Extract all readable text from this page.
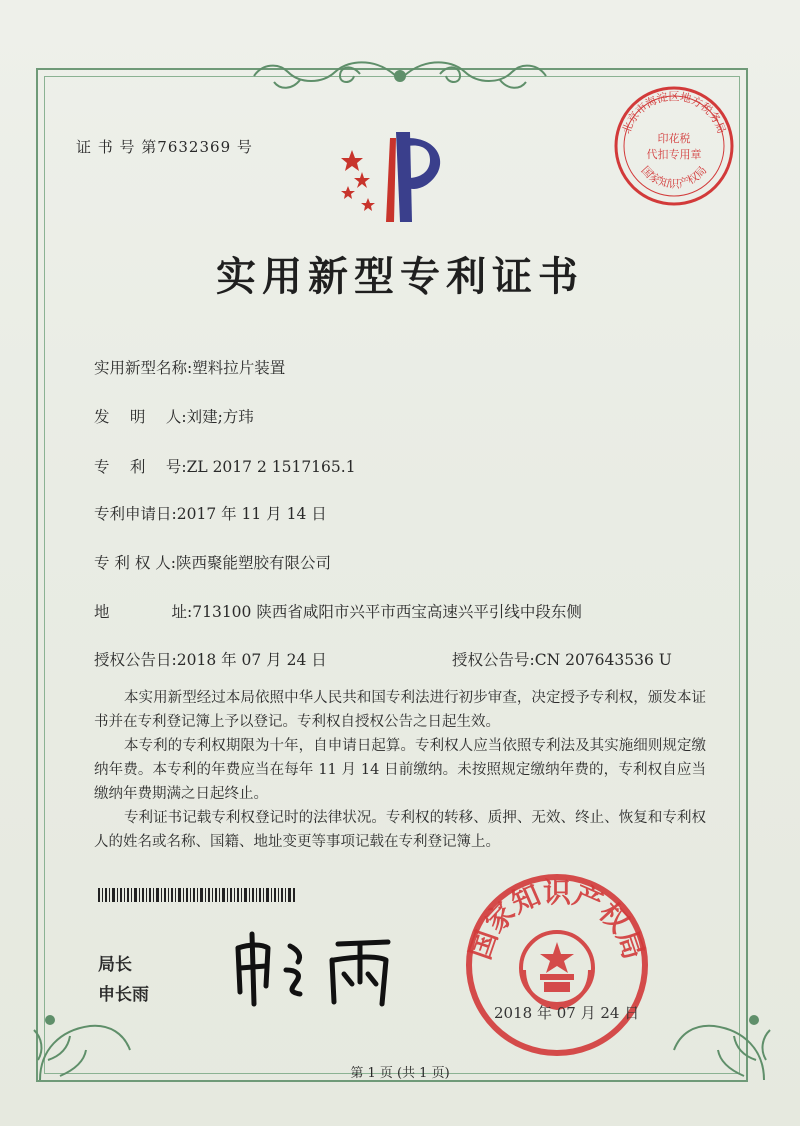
证 书 号 第7632369 号
北京市海淀区地方税务局
印花税
代扣专用章
国家知识产权局
实用新型专利证书
实用新型名称:塑料拉片装置
发　 明 　人:刘建;方玮
专　 利 　号:ZL 2017 2 1517165.1
专利申请日:2017 年 11 月 14 日
专 利 权 人:陕西聚能塑胶有限公司
地　　　　址:713100 陕西省咸阳市兴平市西宝高速兴平引线中段东侧
授权公告日:2018 年 07 月 24 日	授权公告号:CN 207643536 U
本实用新型经过本局依照中华人民共和国专利法进行初步审查，决定授予专利权，颁发本证书并在专利登记簿上予以登记。专利权自授权公告之日起生效。
本专利的专利权期限为十年，自申请日起算。专利权人应当依照专利法及其实施细则规定缴纳年费。本专利的年费应当在每年 11 月 14 日前缴纳。未按照规定缴纳年费的，专利权自应当缴纳年费期满之日起终止。
专利证书记载专利权登记时的法律状况。专利权的转移、质押、无效、终止、恢复和专利权人的姓名或名称、国籍、地址变更等事项记载在专利登记簿上。
局长
申长雨
国家知识产权局
2018 年 07 月 24 日
第 1 页 (共 1 页)
